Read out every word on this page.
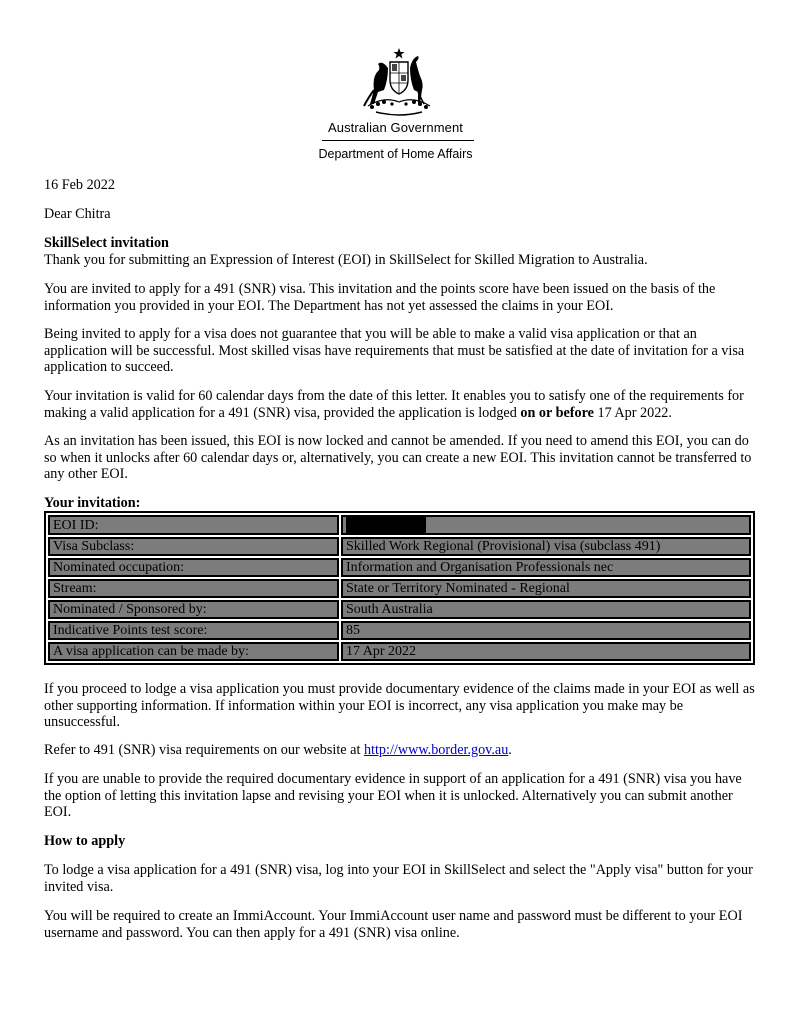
Australian Government
Department of Home Affairs

16 Feb 2022

Dear Chitra

SkillSelect invitation

Thank you for submitting an Expression of Interest (EOI) in SkillSelect for Skilled Migration to Australia.

You are invited to apply for a 491 (SNR) visa. This invitation and the points score have been issued on the basis of the information you provided in your EOI. The Department has not yet assessed the claims in your EOI.

Being invited to apply for a visa does not guarantee that you will be able to make a valid visa application or that an application will be successful. Most skilled visas have requirements that must be satisfied at the date of invitation for a visa application to succeed.

Your invitation is valid for 60 calendar days from the date of this letter. It enables you to satisfy one of the requirements for making a valid application for a 491 (SNR) visa, provided the application is lodged on or before 17 Apr 2022.

As an invitation has been issued, this EOI is now locked and cannot be amended. If you need to amend this EOI, you can do so when it unlocks after 60 calendar days or, alternatively, you can create a new EOI. This invitation cannot be transferred to any other EOI.

Your invitation:

EOI ID:	
Visa Subclass:	Skilled Work Regional (Provisional) visa (subclass 491)
Nominated occupation:	Information and Organisation Professionals nec
Stream:	State or Territory Nominated - Regional
Nominated / Sponsored by:	South Australia
Indicative Points test score:	85
A visa application can be made by:	17 Apr 2022

If you proceed to lodge a visa application you must provide documentary evidence of the claims made in your EOI as well as other supporting information. If information within your EOI is incorrect, any visa application you make may be unsuccessful.

Refer to 491 (SNR) visa requirements on our website at http://www.border.gov.au.

If you are unable to provide the required documentary evidence in support of an application for a 491 (SNR) visa you have the option of letting this invitation lapse and revising your EOI when it is unlocked. Alternatively you can submit another EOI.

How to apply

To lodge a visa application for a 491 (SNR) visa, log into your EOI in SkillSelect and select the "Apply visa" button for your invited visa.

You will be required to create an ImmiAccount. Your ImmiAccount user name and password must be different to your EOI username and password. You can then apply for a 491 (SNR) visa online.
